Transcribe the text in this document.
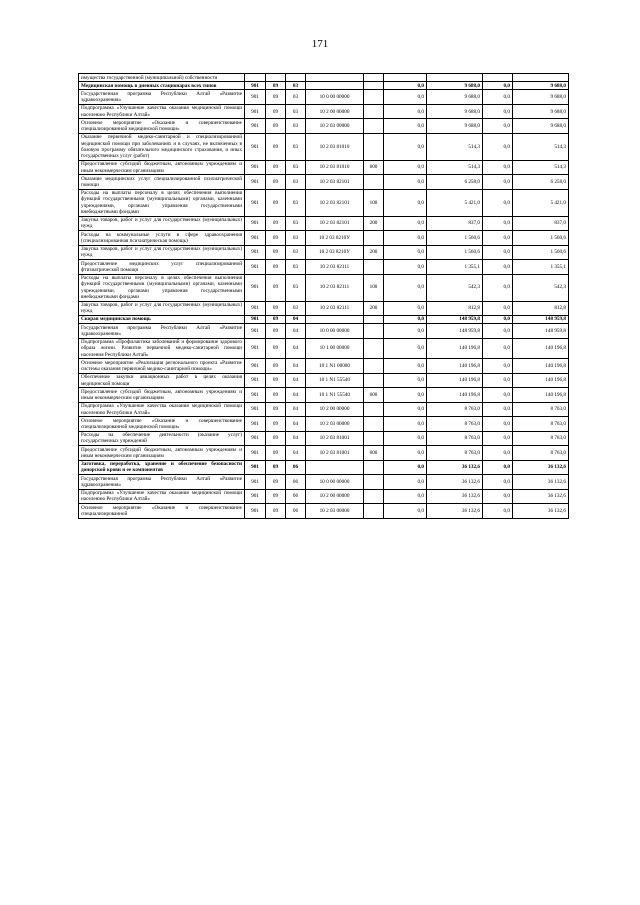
171
имущества государственной (муниципальной) собственности									
Медицинская помощь в дневных стационарах всех типов	901	09	03			0,0	9 688,0	0,0	9 688,0
Государственная программа Республики Алтай «Развитие здравоохранения»	901	09	03	10 0 00 00000		0,0	9 688,0	0,0	9 688,0
Подпрограмма «Улучшение качества оказания медицинской помощи населению Республики Алтай»	901	09	03	10 2 00 00000		0,0	9 688,0	0,0	9 688,0
Основное мероприятие «Оказание и совершенствование специализированной медицинской помощи»	901	09	03	10 2 03 00000		0,0	9 688,0	0,0	9 688,0
Оказание первичной медико-санитарной и специализированной медицинской помощи при заболеваниях и в случаях, не включенных в базовую программу обязательного медицинского страхования, и иных государственных услуг (работ)	901	09	03	10 2 03 81010		0,0	514,3	0,0	514,3
Предоставление субсидий бюджетным, автономным учреждениям и иным некоммерческим организациям	901	09	03	10 2 03 81010	600	0,0	514,3	0,0	514,3
Оказание медицинских услуг специализированной психиатрической помощи	901	09	03	10 2 03 82101		0,0	6 258,0	0,0	6 258,0
Расходы на выплаты персоналу в целях обеспечения выполнения функций государственными (муниципальными) органами, казенными учреждениями, органами управления государственными внебюджетными фондами	901	09	03	10 2 03 82101	100	0,0	5 421,0	0,0	5 421,0
Закупка товаров, работ и услуг для государственных (муниципальных) нужд	901	09	03	10 2 03 82101	200	0,0	837,0	0,0	837,0
Расходы на коммунальные услуги в сфере здравоохранения (специализированная психиатрическая помощь)	901	09	03	10 2 03 8210У		0,0	1 560,6	0,0	1 560,6
Закупка товаров, работ и услуг для государственных (муниципальных) нужд	901	09	03	10 2 03 8210У	200	0,0	1 560,6	0,0	1 560,6
Предоставление медицинских услуг специализированной фтизиатрической помощи	901	09	03	10 2 03 82111		0,0	1 355,1	0,0	1 355,1
Расходы на выплаты персоналу в целях обеспечения выполнения функций государственными (муниципальными) органами, казенными учреждениями, органами управления государственными внебюджетными фондами	901	09	03	10 2 03 82111	100	0,0	542,3	0,0	542,3
Закупка товаров, работ и услуг для государственных (муниципальных) нужд	901	09	03	10 2 03 82111	200	0,0	812,8	0,0	812,8
Скорая медицинская помощь	901	09	04			0,0	148 959,8	0,0	148 959,8
Государственная программа Республики Алтай «Развитие здравоохранения»	901	09	04	10 0 00 00000		0,0	148 959,8	0,0	148 959,8
Подпрограмма «Профилактика заболеваний и формирование здорового образа жизни. Развитие первичной медико-санитарной помощи населения Республики Алтай»	901	09	04	10 1 00 00000		0,0	140 196,8	0,0	140 196,8
Основное мероприятие «Реализация регионального проекта «Развитие системы оказания первичной медико-санитарной помощи»	901	09	04	10 1 N1 00000		0,0	140 196,8	0,0	140 196,8
Обеспечение закупки авиационных работ в целях оказания медицинской помощи	901	09	04	10 1 N1 55540		0,0	140 196,8	0,0	140 196,8
Предоставление субсидий бюджетным, автономным учреждениям и иным некоммерческим организациям	901	09	04	10 1 N1 55540	600	0,0	140 196,8	0,0	140 196,8
Подпрограмма «Улучшение качества оказания медицинской помощи населению Республики Алтай»	901	09	04	10 2 00 00000		0,0	8 763,0	0,0	8 763,0
Основное мероприятие «Оказание и совершенствование специализированной медицинской помощи»	901	09	04	10 2 03 00000		0,0	8 763,0	0,0	8 763,0
Расходы на обеспечение деятельности (оказание услуг) государственных учреждений	901	09	04	10 2 03 81001		0,0	8 763,0	0,0	8 763,0
Предоставление субсидий бюджетным, автономным учреждениям и иным некоммерческим организациям	901	09	04	10 2 03 81001	600	0,0	8 763,0	0,0	8 763,0
Заготовка, переработка, хранение и обеспечение безопасности донорской крови и ее компонентов	901	09	06			0,0	36 132,6	0,0	36 132,6
Государственная программа Республики Алтай «Развитие здравоохранения»	901	09	06	10 0 00 00000		0,0	36 132,6	0,0	36 132,6
Подпрограмма «Улучшение качества оказания медицинской помощи населению Республики Алтай»	901	09	06	10 2 00 00000		0,0	36 132,6	0,0	36 132,6
Основное мероприятие «Оказание и совершенствование специализированной	901	09	06	10 2 03 00000		0,0	36 132,6	0,0	36 132,6
